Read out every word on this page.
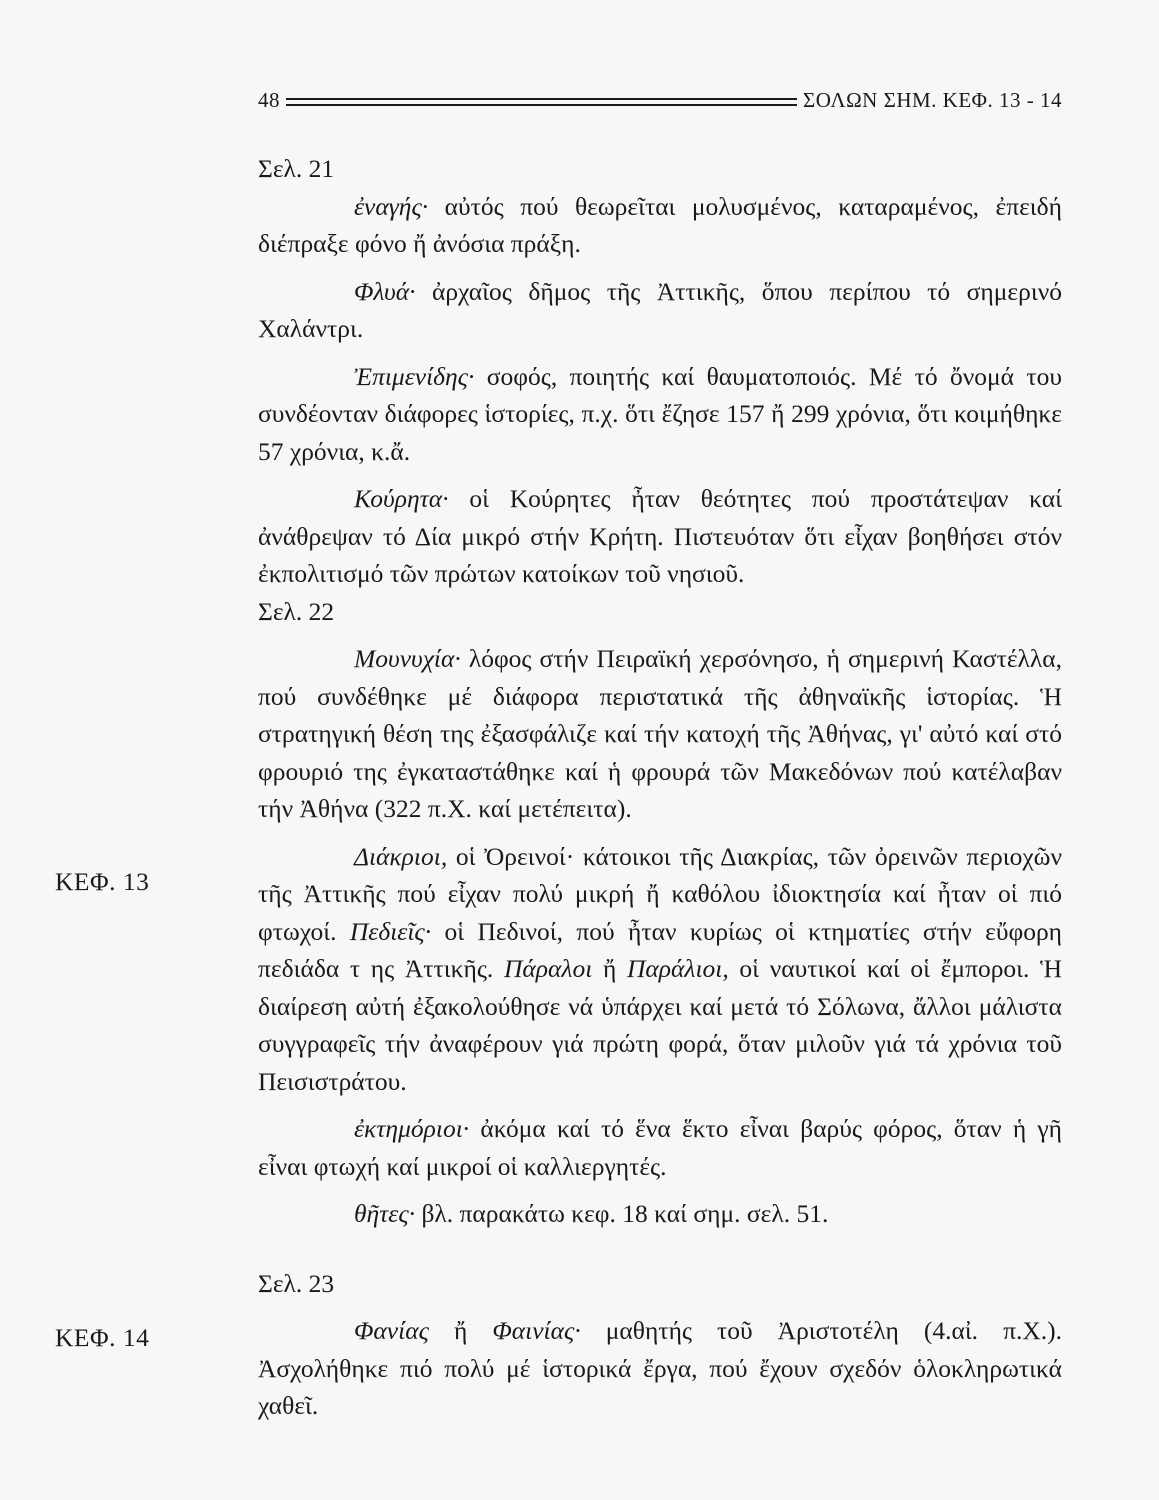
48	ΣΟΛΩΝ ΣΗΜ. ΚΕΦ. 13 - 14
ΚΕΦ. 13
ΚΕΦ. 14

Σελ. 21

ἐναγής· αὐτός πού θεωρεῖται μολυσμένος, καταραμένος, ἐπειδή διέπραξε φόνο ἤ ἀνόσια πράξη.

Φλυά· ἀρχαῖος δῆμος τῆς Ἀττικῆς, ὅπου περίπου τό σημερινό Χαλάντρι.

Ἐπιμενίδης· σοφός, ποιητής καί θαυματοποιός. Μέ τό ὄνομά του συνδέονταν διάφορες ἱστορίες, π.χ. ὅτι ἔζησε 157 ἤ 299 χρόνια, ὅτι κοιμήθηκε 57 χρόνια, κ.ἄ.

Κούρητα· οἱ Κούρητες ἦταν θεότητες πού προστάτεψαν καί ἀνάθρεψαν τό Δία μικρό στήν Κρήτη. Πιστευόταν ὅτι εἶχαν βοηθήσει στόν ἐκπολιτισμό τῶν πρώτων κατοίκων τοῦ νησιοῦ.

Σελ. 22

Μουνυχία· λόφος στήν Πειραϊκή χερσόνησο, ἡ σημερινή Καστέλλα, πού συνδέθηκε μέ διάφορα περιστατικά τῆς ἀθηναϊκῆς ἱστορίας. Ἡ στρατηγική θέση της ἐξασφάλιζε καί τήν κατοχή τῆς Ἀθήνας, γι' αὐτό καί στό φρουριό της ἐγκαταστάθηκε καί ἡ φρουρά τῶν Μακεδόνων πού κατέλαβαν τήν Ἀθήνα (322 π.Χ. καί μετέπειτα).

Διάκριοι, οἱ Ὀρεινοί· κάτοικοι τῆς Διακρίας, τῶν ὀρεινῶν περιοχῶν τῆς Ἀττικῆς πού εἶχαν πολύ μικρή ἤ καθόλου ἰδιοκτησία καί ἦταν οἱ πιό φτωχοί. Πεδιεῖς· οἱ Πεδινοί, πού ἦταν κυρίως οἱ κτηματίες στήν εὔφορη πεδιάδα τ ης Ἀττικῆς. Πάραλοι ἤ Παράλιοι, οἱ ναυτικοί καί οἱ ἔμποροι. Ἡ διαίρεση αὐτή ἐξακολούθησε νά ὑπάρχει καί μετά τό Σόλωνα, ἄλλοι μάλιστα συγγραφεῖς τήν ἀναφέρουν γιά πρώτη φορά, ὅταν μιλοῦν γιά τά χρόνια τοῦ Πεισιστράτου.

ἐκτημόριοι· ἀκόμα καί τό ἕνα ἕκτο εἶναι βαρύς φόρος, ὅταν ἡ γῆ εἶναι φτωχή καί μικροί οἱ καλλιεργητές.

θῆτες· βλ. παρακάτω κεφ. 18 καί σημ. σελ. 51.

Σελ. 23

Φανίας ἤ Φαινίας· μαθητής τοῦ Ἀριστοτέλη (4.αἰ. π.Χ.). Ἀσχολήθηκε πιό πολύ μέ ἱστορικά ἔργα, πού ἔχουν σχεδόν ὁλοκληρωτικά χαθεῖ.
